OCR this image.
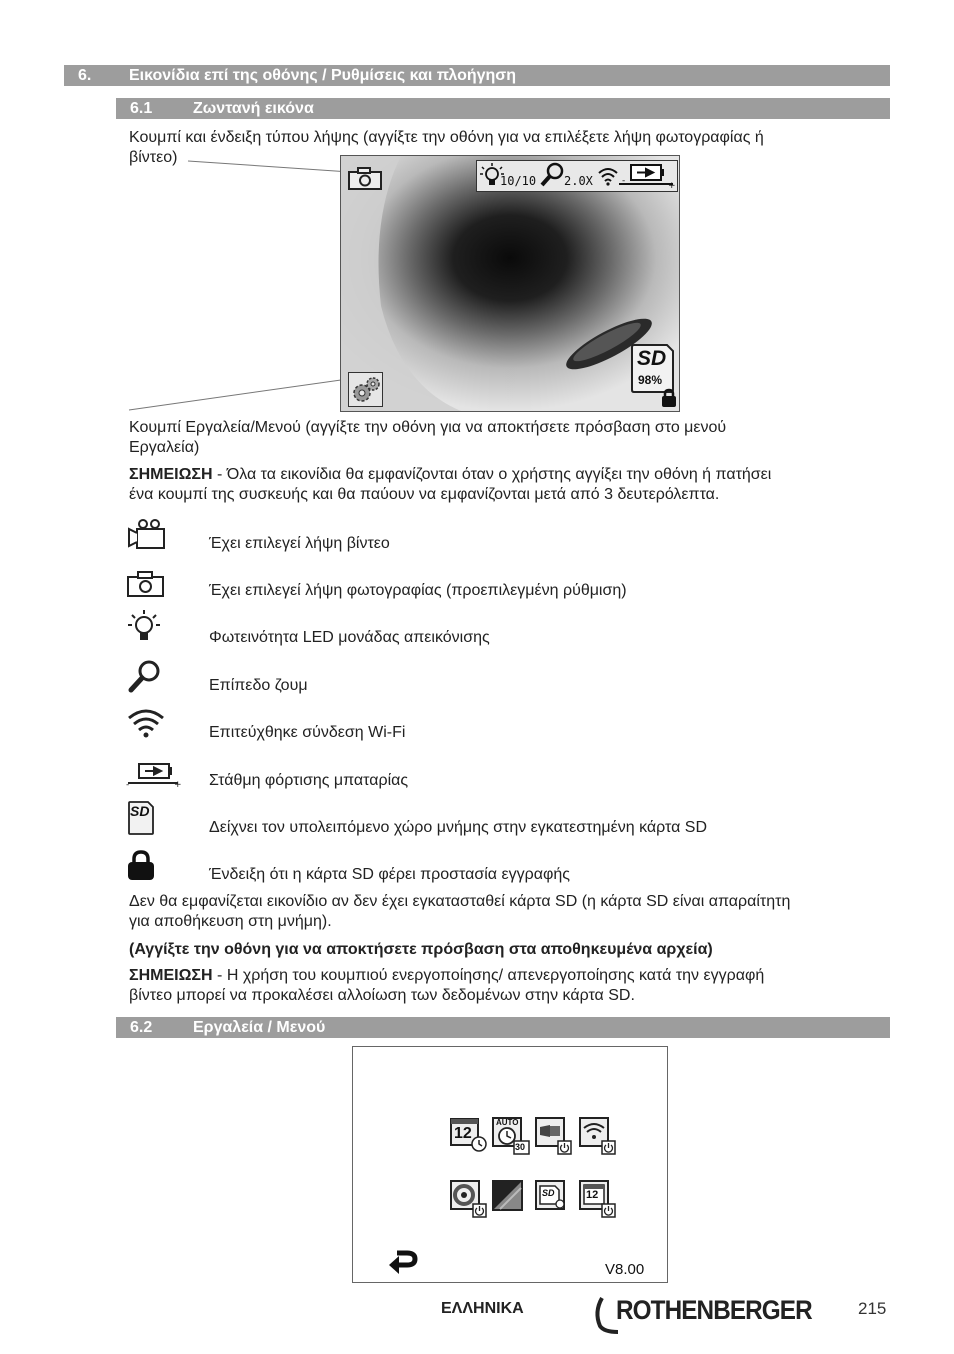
6. Εικονίδια επί της οθόνης / Ρυθμίσεις και πλοήγηση
6.1	Ζωντανή εικόνα
Κουμπί και ένδειξη τύπου λήψης (αγγίξτε την οθόνη για να επιλέξετε λήψη φωτογραφίας ή
βίντεο)
10/10 2.0X	-	+
SD
98%
Κουμπί Εργαλεία/Μενού (αγγίξτε την οθόνη για να αποκτήσετε πρόσβαση στο μενού
Εργαλεία)
ΣΗΜΕΙΩΣΗ - Όλα τα εικονίδια θα εμφανίζονται όταν ο χρήστης αγγίξει την οθόνη ή πατήσει
ένα κουμπί της συσκευής και θα παύουν να εμφανίζονται μετά από 3 δευτερόλεπτα.
Έχει επιλεγεί λήψη βίντεο
Έχει επιλεγεί λήψη φωτογραφίας (προεπιλεγμένη ρύθμιση)
Φωτεινότητα LED μονάδας απεικόνισης
Επίπεδο ζουμ
Επιτεύχθηκε σύνδεση Wi-Fi
-	+ Στάθμη φόρτισης μπαταρίας
SD
Δείχνει τον υπολειπόμενο χώρο μνήμης στην εγκατεστημένη κάρτα SD
Ένδειξη ότι η κάρτα SD φέρει προστασία εγγραφής
Δεν θα εμφανίζεται εικονίδιο αν δεν έχει εγκατασταθεί κάρτα SD (η κάρτα SD είναι απαραίτητη
για αποθήκευση στη μνήμη).
(Αγγίξτε την οθόνη για να αποκτήσετε πρόσβαση στα αποθηκευμένα αρχεία)
ΣΗΜΕΙΩΣΗ - Η χρήση του κουμπιού ενεργοποίησης/ απενεργοποίησης κατά την εγγραφή
βίντεο μπορεί να προκαλέσει αλλοίωση των δεδομένων στην κάρτα SD.
6.2	Εργαλεία / Μενού
12
AUTO
30
SD	12
V8.00
ΕΛΛΗΝΙΚΑ	ROTHENBERGER	215
